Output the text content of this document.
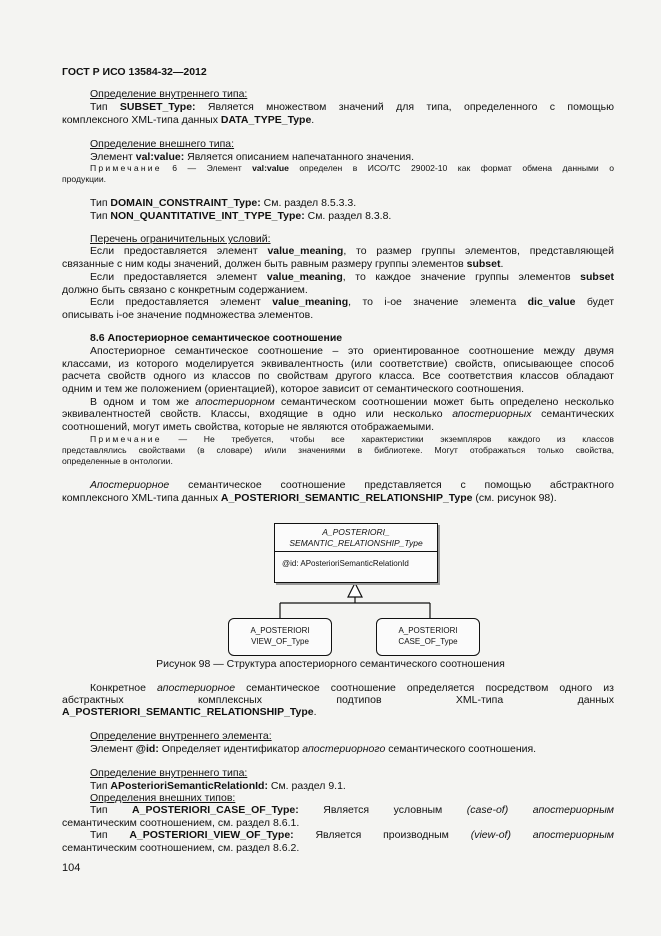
ГОСТ Р ИСО 13584-32—2012
Определение внутреннего типа:
Тип SUBSET_Type: Является множеством значений для типа, определенного с помощью
комплексного XML-типа данных DATA_TYPE_Type.
Определение внешнего типа:
Элемент val:value: Является описанием напечатанного значения.
Примечание 6 — Элемент val:value определен в ИСО/ТС 29002-10 как формат обмена данными о
продукции.
Тип DOMAIN_CONSTRAINT_Type: См. раздел 8.5.3.3.
Тип NON_QUANTITATIVE_INT_TYPE_Type: См. раздел 8.3.8.
Перечень ограничительных условий:
Если предоставляется элемент value_meaning, то размер группы элементов, представляющей
связанные с ним коды значений, должен быть равным размеру группы элементов subset.
Если предоставляется элемент value_meaning, то каждое значение группы элементов subset
должно быть связано с конкретным содержанием.
Если предоставляется элемент value_meaning, то i-ое значение элемента dic_value будет
описывать i-ое значение подмножества элементов.
8.6 Апостериорное семантическое соотношение
Апостериорное семантическое соотношение – это ориентированное соотношение между двумя
классами, из которого моделируется эквивалентность (или соответствие) свойств, описывающее способ
расчета свойств одного из классов по свойствам другого класса. Все соответствия классов обладают
одним и тем же положением (ориентацией), которое зависит от семантического соотношения.
В одном и том же апостериорном семантическом соотношении может быть определено несколько
эквивалентностей свойств. Классы, входящие в одно или несколько апостериорных семантических
соотношений, могут иметь свойства, которые не являются отображаемыми.
Примечание — Не требуется, чтобы все характеристики экземпляров каждого из классов
представлялись свойствами (в словаре) и/или значениями в библиотеке. Могут отображаться только свойства,
определенные в онтологии.
Апостериорное семантическое соотношение представляется с помощью абстрактного
комплексного XML-типа данных A_POSTERIORI_SEMANTIC_RELATIONSHIP_Type (см. рисунок 98).
A_POSTERIORI_
SEMANTIC_RELATIONSHIP_Type
@id: APosterioriSemanticRelationId
A_POSTERIORI
VIEW_OF_Type
A_POSTERIORI
CASE_OF_Type
Рисунок 98 — Структура апостериорного семантического соотношения
Конкретное апостериорное семантическое соотношение определяется посредством одного из
абстрактных	комплексных	подтипов	XML-типа	данных
A_POSTERIORI_SEMANTIC_RELATIONSHIP_Type.
Определение внутреннего элемента:
Элемент @id: Определяет идентификатор апостериорного семантического соотношения.
Определение внутреннего типа:
Тип APosterioriSemanticRelationId: См. раздел 9.1.
Определения внешних типов:
Тип A_POSTERIORI_CASE_OF_Type: Является условным (case-of) апостериорным
семантическим соотношением, см. раздел 8.6.1.
Тип A_POSTERIORI_VIEW_OF_Type: Является производным (view-of) апостериорным
семантическим соотношением, см. раздел 8.6.2.
104
